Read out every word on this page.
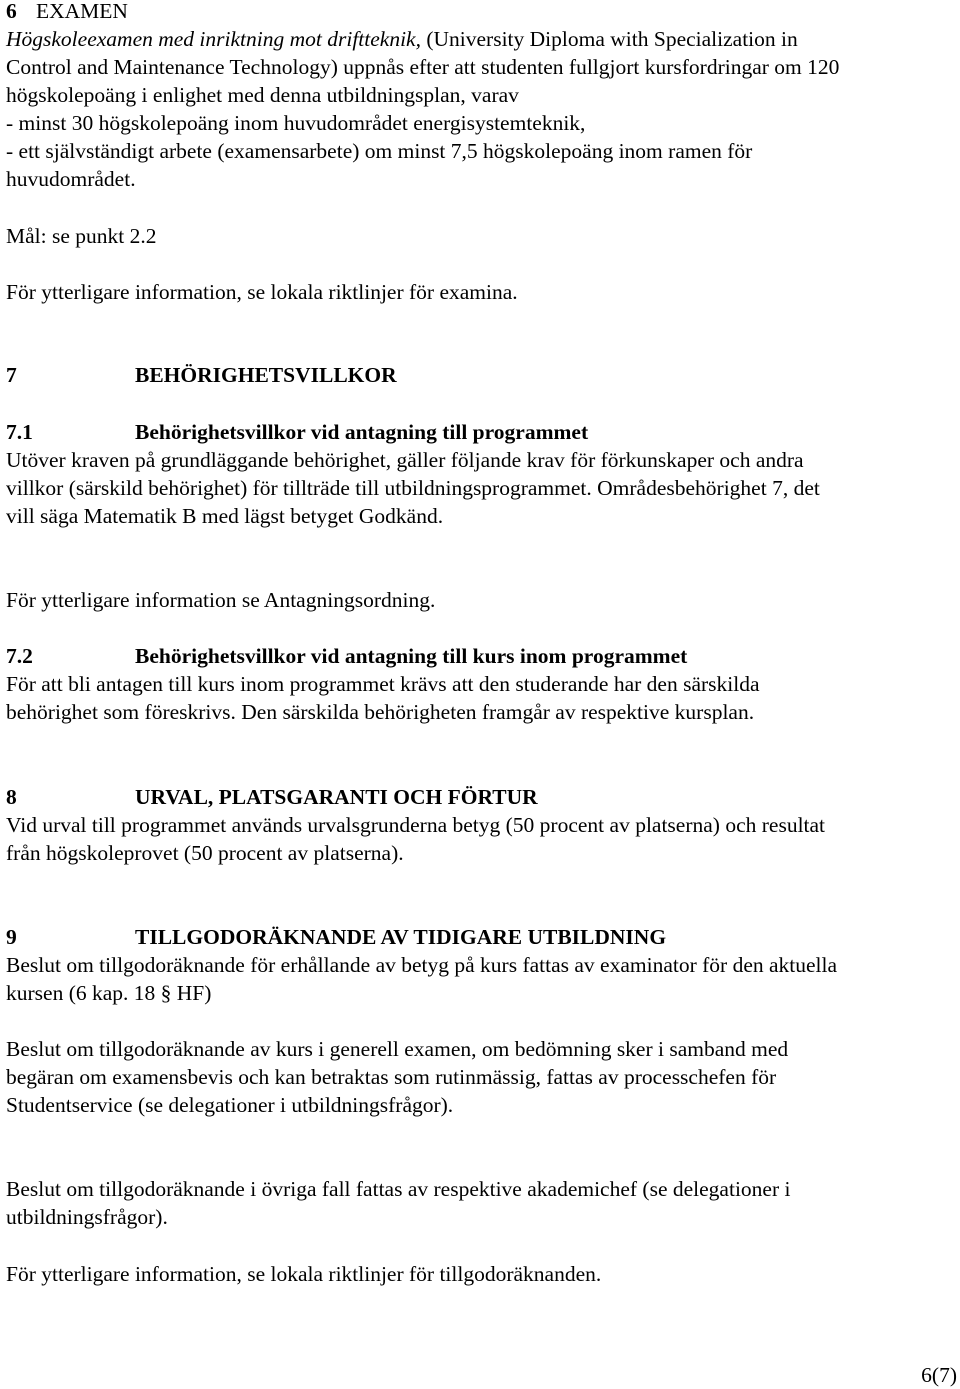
6 EXAMEN
Högskoleexamen med inriktning mot driftteknik, (University Diploma with Specialization in
Control and Maintenance Technology) uppnås efter att studenten fullgjort kursfordringar om 120
högskolepoäng i enlighet med denna utbildningsplan, varav
- minst 30 högskolepoäng inom huvudområdet energisystemteknik,
- ett självständigt arbete (examensarbete) om minst 7,5 högskolepoäng inom ramen för
huvudområdet.
Mål: se punkt 2.2
För ytterligare information, se lokala riktlinjer för examina.
7	BEHÖRIGHETSVILLKOR
7.1	Behörighetsvillkor vid antagning till programmet
Utöver kraven på grundläggande behörighet, gäller följande krav för förkunskaper och andra
villkor (särskild behörighet) för tillträde till utbildningsprogrammet. Områdesbehörighet 7, det
vill säga Matematik B med lägst betyget Godkänd.
För ytterligare information se Antagningsordning.
7.2	Behörighetsvillkor vid antagning till kurs inom programmet
För att bli antagen till kurs inom programmet krävs att den studerande har den särskilda
behörighet som föreskrivs. Den särskilda behörigheten framgår av respektive kursplan.
8	URVAL, PLATSGARANTI OCH FÖRTUR
Vid urval till programmet används urvalsgrunderna betyg (50 procent av platserna) och resultat
från högskoleprovet (50 procent av platserna).
9	TILLGODORÄKNANDE AV TIDIGARE UTBILDNING
Beslut om tillgodoräknande för erhållande av betyg på kurs fattas av examinator för den aktuella
kursen (6 kap. 18 § HF)
Beslut om tillgodoräknande av kurs i generell examen, om bedömning sker i samband med
begäran om examensbevis och kan betraktas som rutinmässig, fattas av processchefen för
Studentservice (se delegationer i utbildningsfrågor).
Beslut om tillgodoräknande i övriga fall fattas av respektive akademichef (se delegationer i
utbildningsfrågor).
För ytterligare information, se lokala riktlinjer för tillgodoräknanden.
6(7)
